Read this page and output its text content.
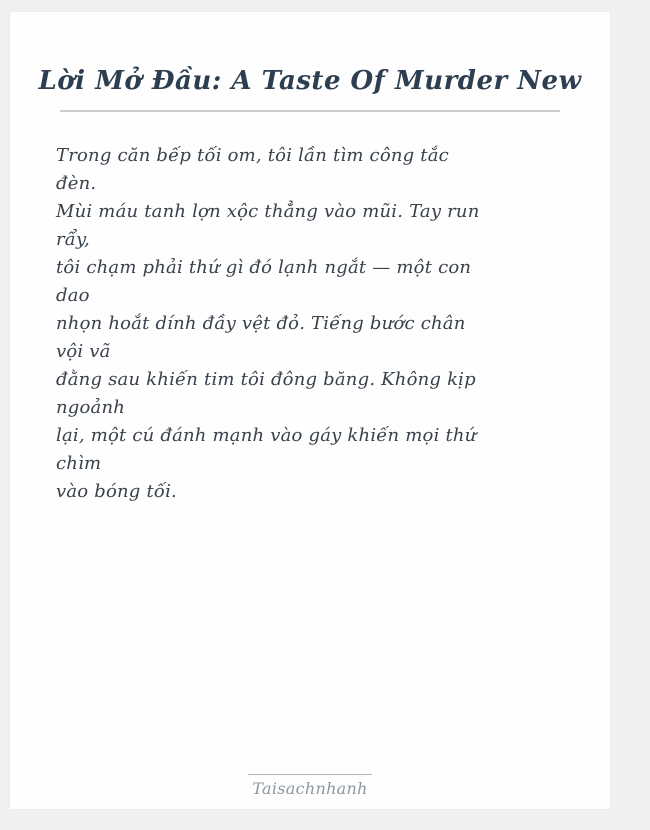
Lời Mở Đầu: A Taste Of Murder New
Trong căn bếp tối om, tôi lần tìm công tắc
đèn.
Mùi máu tanh lợn xộc thẳng vào mũi. Tay run
rẩy,
tôi chạm phải thứ gì đó lạnh ngắt — một con
dao
nhọn hoắt dính đầy vệt đỏ. Tiếng bước chân
vội vã
đằng sau khiến tim tôi đông băng. Không kịp
ngoảnh
lại, một cú đánh mạnh vào gáy khiến mọi thứ
chìm
vào bóng tối.
Taisachnhanh
